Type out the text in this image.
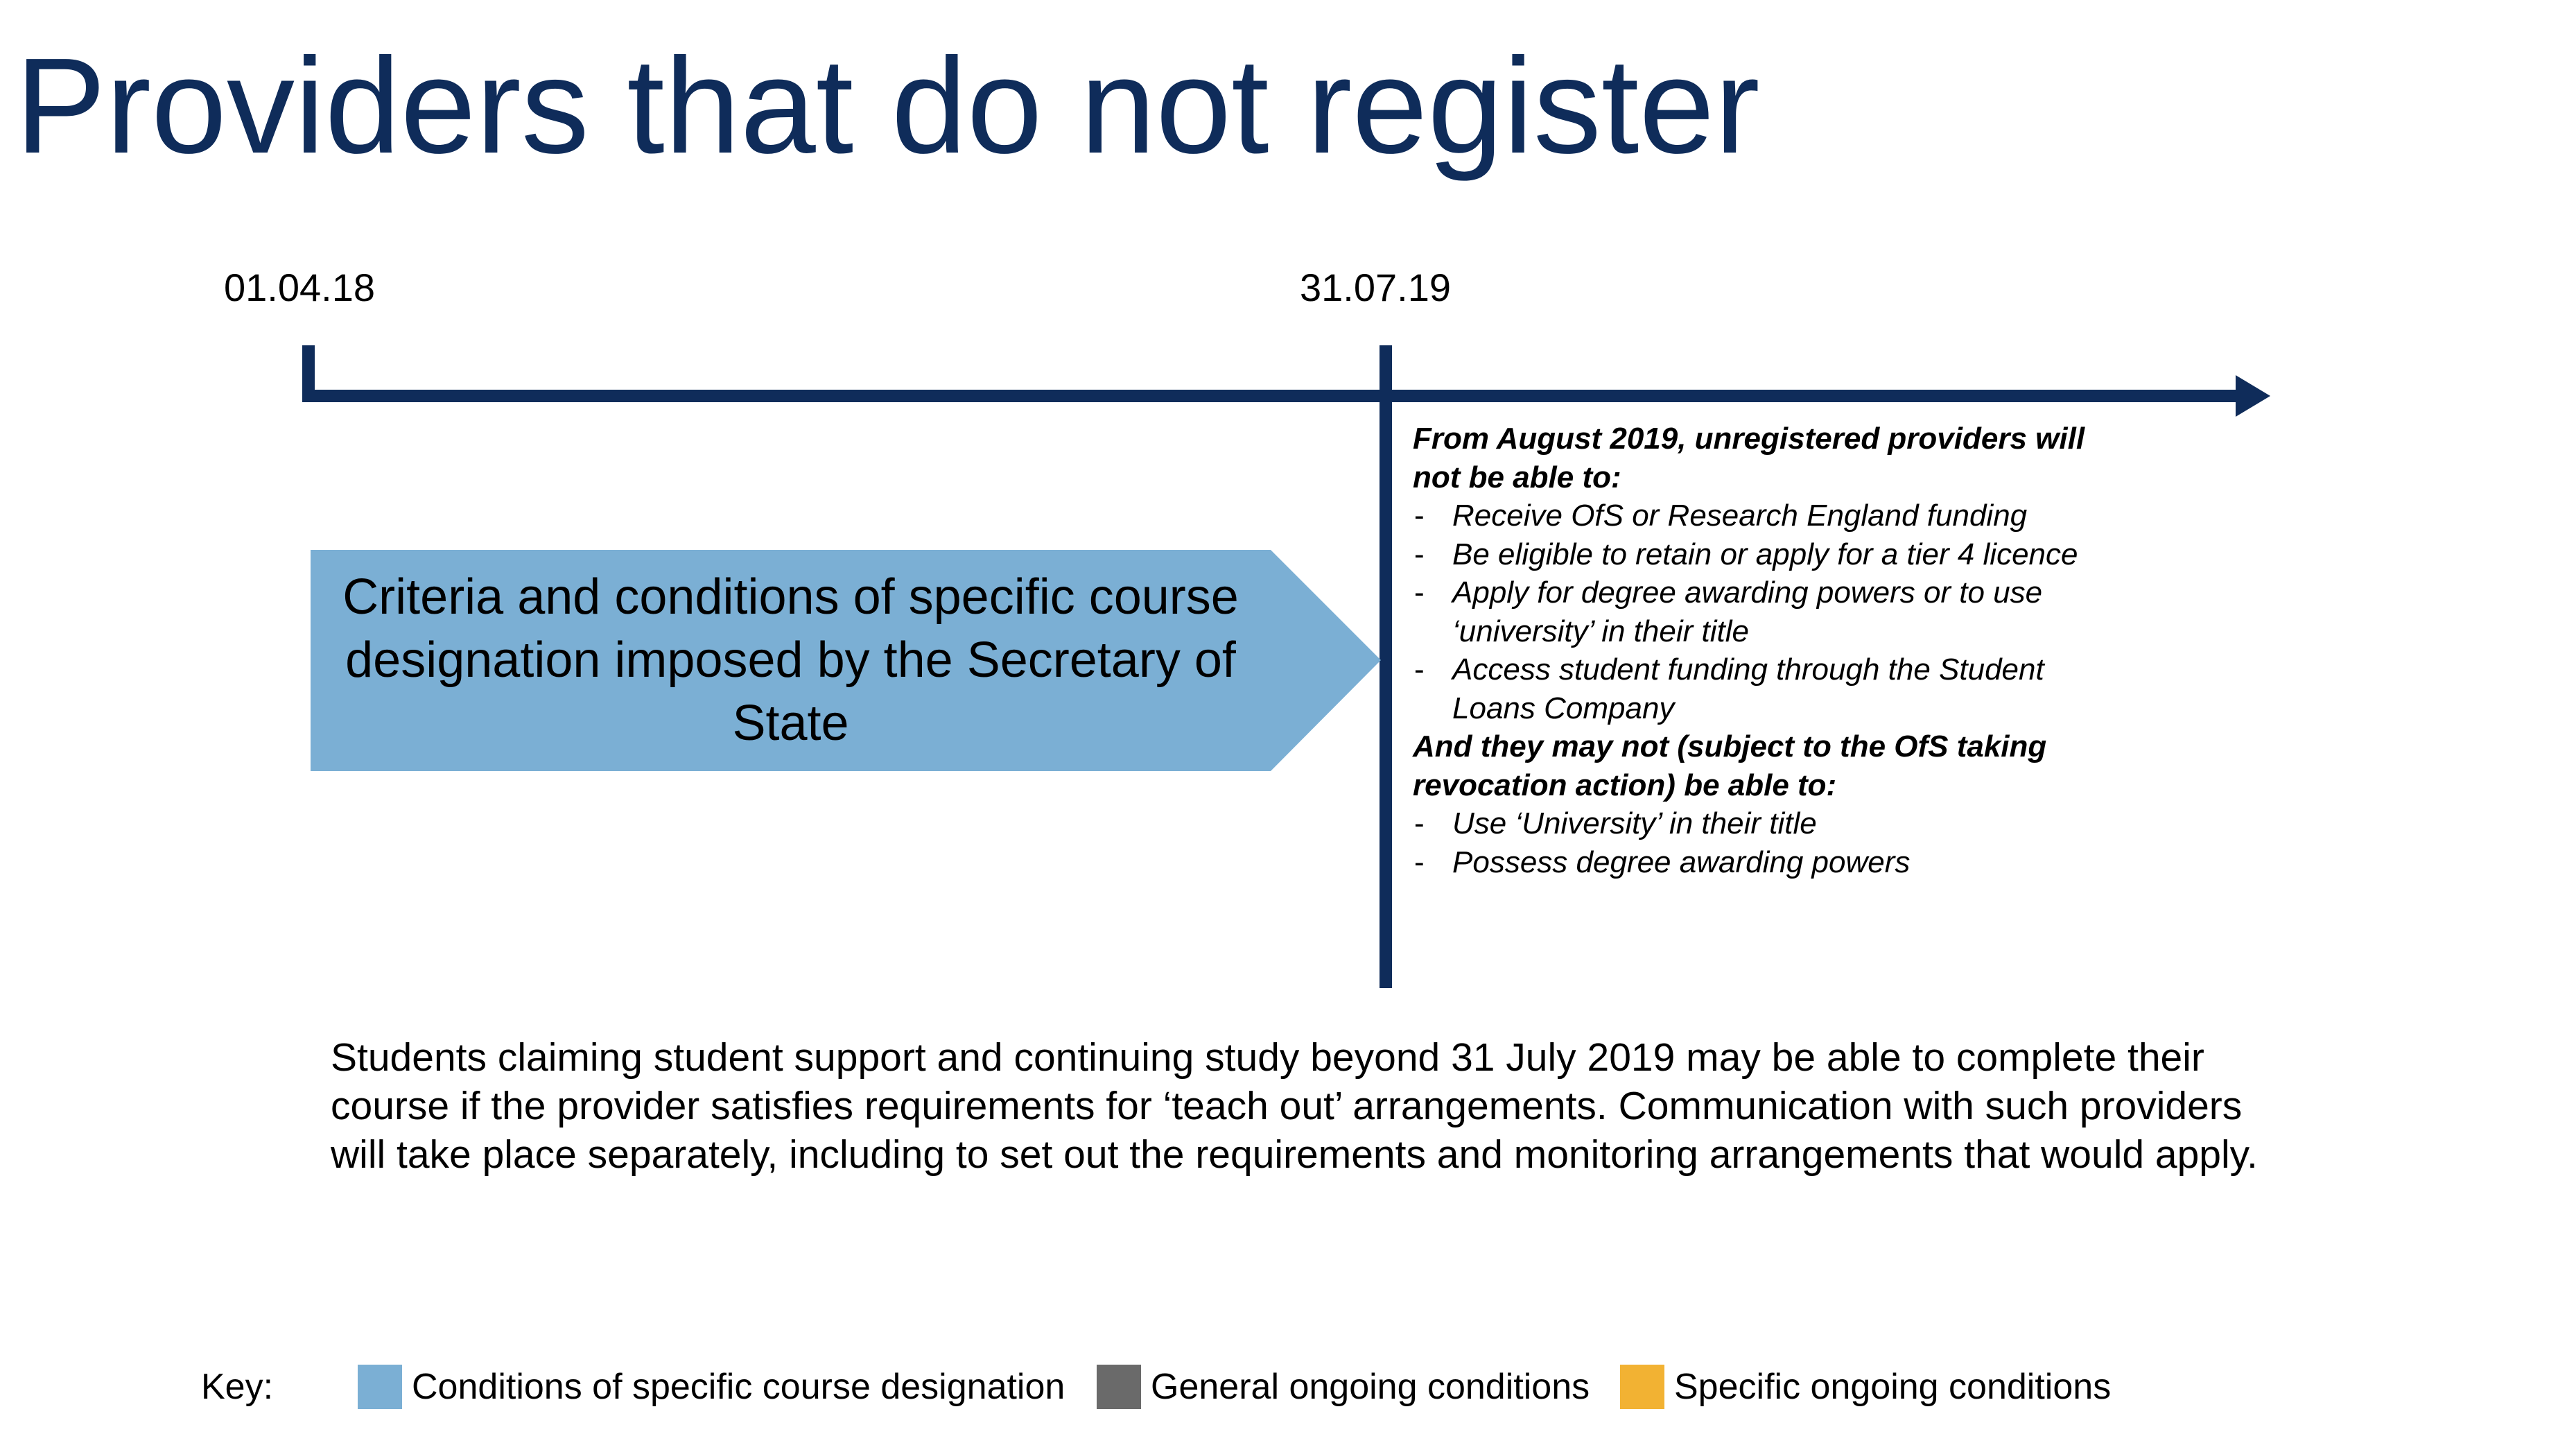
Providers that do not register
01.04.18	31.07.19
Criteria and conditions of specific course designation imposed by the Secretary of State
From August 2019, unregistered providers will not be able to:
- Receive OfS or Research England funding
- Be eligible to retain or apply for a tier 4 licence
- Apply for degree awarding powers or to use ‘university’ in their title
- Access student funding through the Student Loans Company
And they may not (subject to the OfS taking revocation action) be able to:
- Use ‘University’ in their title
- Possess degree awarding powers

Students claiming student support and continuing study beyond 31 July 2019 may be able to complete their course if the provider satisfies requirements for ‘teach out’ arrangements. Communication with such providers will take place separately, including to set out the requirements and monitoring arrangements that would apply.

Key:	Conditions of specific course designation General ongoing conditions Specific ongoing conditions
